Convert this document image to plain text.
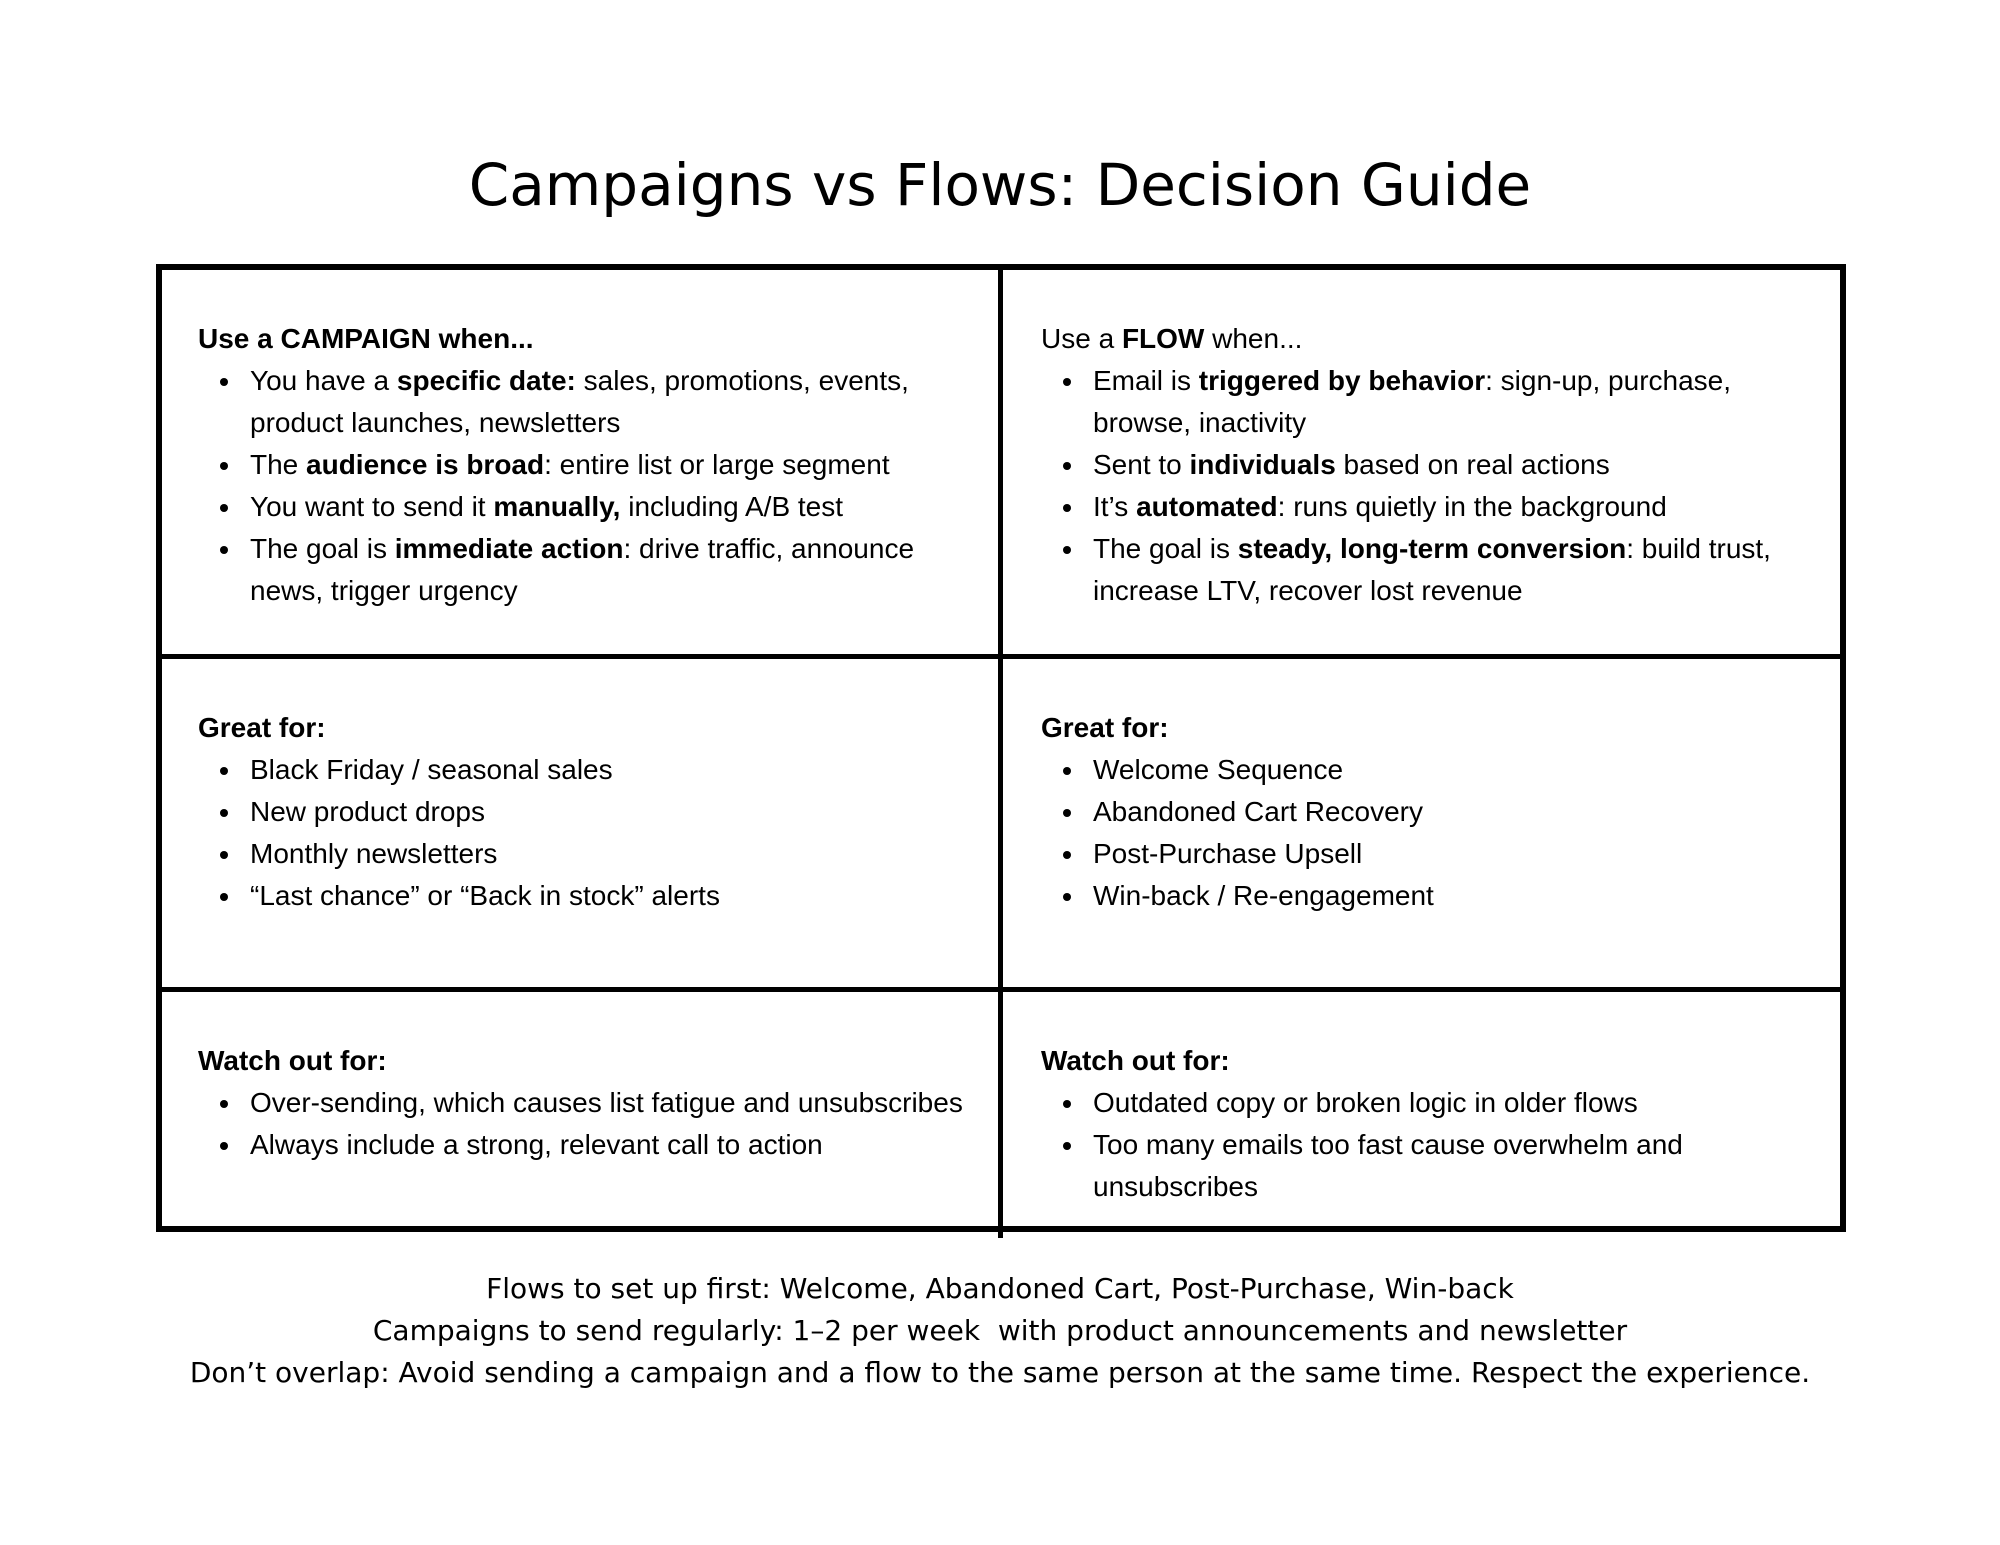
Campaigns vs Flows: Decision Guide

Use a CAMPAIGN when...

You have a specific date: sales, promotions, events, product launches, newsletters
The audience is broad: entire list or large segment
You want to send it manually, including A/B test
The goal is immediate action: drive traffic, announce news, trigger urgency

Use a FLOW when...

Email is triggered by behavior: sign-up, purchase, browse, inactivity
Sent to individuals based on real actions
It’s automated: runs quietly in the background
The goal is steady, long-term conversion: build trust, increase LTV, recover lost revenue

Great for:

Black Friday / seasonal sales
New product drops
Monthly newsletters
“Last chance” or “Back in stock” alerts

Great for:

Welcome Sequence
Abandoned Cart Recovery
Post-Purchase Upsell
Win-back / Re-engagement

Watch out for:

Over-sending, which causes list fatigue and unsubscribes
Always include a strong, relevant call to action

Watch out for:

Outdated copy or broken logic in older flows
Too many emails too fast cause overwhelm and unsubscribes
Flows to set up first: Welcome, Abandoned Cart, Post-Purchase, Win-back
Campaigns to send regularly: 1–2 per week  with product announcements and newsletter
Don’t overlap: Avoid sending a campaign and a flow to the same person at the same time. Respect the experience.
